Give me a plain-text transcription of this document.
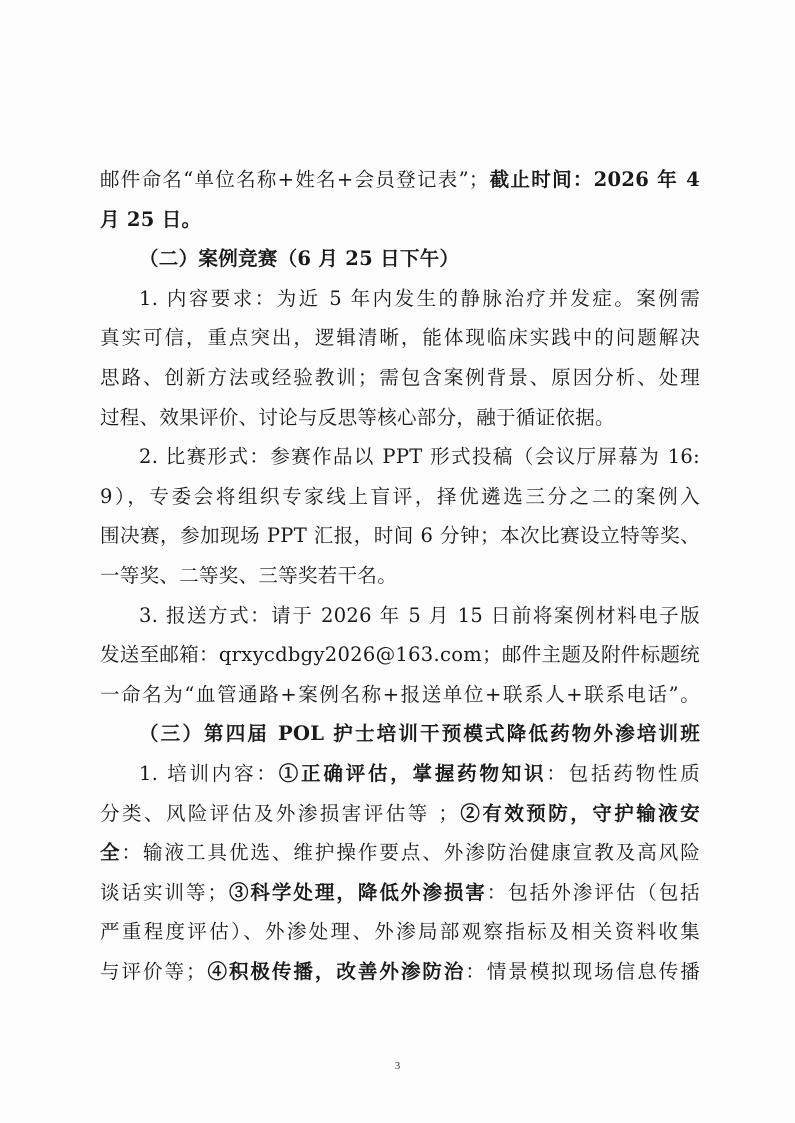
邮件命名“单位名称+姓名+会员登记表”；截止时间：2026 年 4
月 25 日。
（二）案例竞赛（6 月 25 日下午）
1. 内容要求：为近 5 年内发生的静脉治疗并发症。案例需
真实可信，重点突出，逻辑清晰，能体现临床实践中的问题解决
思路、创新方法或经验教训；需包含案例背景、原因分析、处理
过程、效果评价、讨论与反思等核心部分，融于循证依据。
2. 比赛形式：参赛作品以 PPT 形式投稿（会议厅屏幕为 16:
9），专委会将组织专家线上盲评，择优遴选三分之二的案例入
围决赛，参加现场 PPT 汇报，时间 6 分钟；本次比赛设立特等奖、
一等奖、二等奖、三等奖若干名。
3. 报送方式：请于 2026 年 5 月 15 日前将案例材料电子版
发送至邮箱：qrxycdbgy2026@163.com；邮件主题及附件标题统
一命名为“血管通路+案例名称+报送单位+联系人+联系电话”。
（三）第四届 POL 护士培训干预模式降低药物外渗培训班
1. 培训内容：①正确评估，掌握药物知识：包括药物性质
分类、风险评估及外渗损害评估等 ；②有效预防，守护输液安
全：输液工具优选、维护操作要点、外渗防治健康宣教及高风险
谈话实训等；③科学处理，降低外渗损害：包括外渗评估（包括
严重程度评估）、外渗处理、外渗局部观察指标及相关资料收集
与评价等；④积极传播，改善外渗防治：情景模拟现场信息传播
3
